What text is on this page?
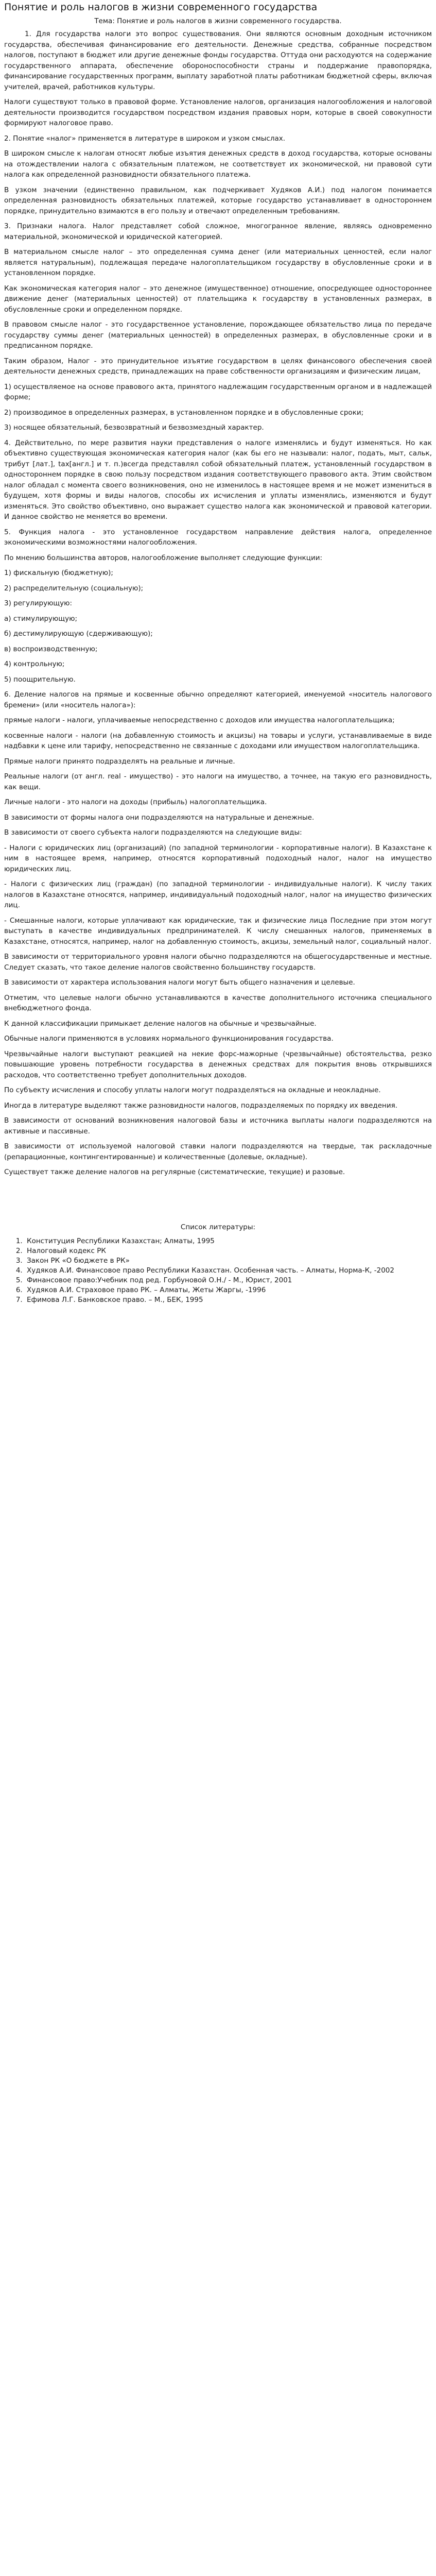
Понятие и роль налогов в жизни современного государства
Тема: Понятие и роль налогов в жизни современного государства.

1. Для государства налоги это вопрос существования. Они являются основным доходным источником государства, обеспечивая финансирование его деятельности. Денежные средства, собранные посредством налогов, поступают в бюджет или другие денежные фонды государства. Оттуда они расходуются на содержание государственного аппарата, обеспечение обороноспособности страны и поддержание правопорядка, финансирование государственных программ, выплату заработной платы работникам бюджетной сферы, включая учителей, врачей, работников культуры.

Налоги существуют только в правовой форме. Установление налогов, организация налогообложения и налоговой деятельности производится государством посредством издания правовых норм, которые в своей совокупности формируют налоговое право.

2. Понятие «налог» применяется в литературе в широком и узком смыслах.

В широком смысле к налогам относят любые изъятия денежных средств в доход государства, которые основаны на отождествлении налога с обязательным платежом, не соответствует их экономической, ни правовой сути налога как определенной разновидности обязательного платежа.

В узком значении (единственно правильном, как подчеркивает Худяков А.И.) под налогом понимается определенная разновидность обязательных платежей, которые государство устанавливает в одностороннем порядке, принудительно взимаются в его пользу и отвечают определенным требованиям.

3. Признаки налога. Налог представляет собой сложное, многогранное явление, являясь одновременно материальной, экономической и юридической категорией.

В материальном смысле налог – это определенная сумма денег (или материальных ценностей, если налог является натуральным), подлежащая передаче налогоплательщиком государству в обусловленные сроки и в установленном порядке.

Как экономическая категория налог – это денежное (имущественное) отношение, опосредующее одностороннее движение денег (материальных ценностей) от плательщика к государству в установленных размерах, в обусловленные сроки и определенном порядке.

В правовом смысле налог - это государственное установление, порождающее обязательство лица по передаче государству суммы денег (материальных ценностей) в определенных размерах, в обусловленные сроки и в предписанном порядке.

Таким образом, Налог - это принудительное изъятие государством в целях финансового обеспечения своей деятельности денежных средств, принадлежащих на праве собственности организациям и физическим лицам,

1) осуществляемое на основе правового акта, принятого надлежащим государственным органом и в надлежащей форме;

2) производимое в определенных размерах, в установленном порядке и в обусловленные сроки;

3) носящее обязательный, безвозвратный и безвозмездный характер.

4. Действительно, по мере развития науки представления о налоге изменялись и будут изменяться. Но как объективно существующая экономическая категория налог (как бы его не называли: налог, подать, мыт, сальк, трибут [лат.], tax[англ.] и т. п.)всегда представлял собой обязательный платеж, установленный государством в одностороннем порядке в свою пользу посредством издания соответствующего правового акта. Этим свойством налог обладал с момента своего возникновения, оно не изменилось в настоящее время и не может измениться в будущем, хотя формы и виды налогов, способы их исчисления и уплаты изменялись, изменяются и будут изменяться. Это свойство объективно, оно выражает существо налога как экономической и правовой категории. И данное свойство не меняется во времени.

5. Функция налога - это установленное государством направление действия налога, определенное экономическими возможностями налогообложения.

По мнению большинства авторов, налогообложение выполняет следующие функции:

1) фискальную (бюджетную);

2) распределительную (социальную);

3) регулирующую:

а) стимулирующую;

б) дестимулирующую (сдерживающую);

в) воспроизводственную;

4) контрольную;

5) поощрительную.

6. Деление налогов на прямые и косвенные обычно определяют категорией, именуемой «носитель налогового бремени» (или «носитель налога»):

прямые налоги - налоги, уплачиваемые непосредственно с доходов или имущества налогоплательщика;

косвенные налоги - налоги (на добавленную стоимость и акцизы) на товары и услуги, устанавливаемые в виде надбавки к цене или тарифу, непосредственно не связанные с доходами или имуществом налогоплательщика.

Прямые налоги принято подразделять на реальные и личные.

Реальные налоги (от англ. real - имущество) - это налоги на имущество, а точнее, на такую его разновидность, как вещи.

Личные налоги - это налоги на доходы (прибыль) налогоплательщика.

В зависимости от формы налога они подразделяются на натуральные и денежные.

В зависимости от своего субъекта налоги подразделяются на следующие виды:

- Налоги с юридических лиц (организаций) (по западной терминологии - корпоративные налоги). В Казахстане к ним в настоящее время, например, относятся корпоративный подоходный налог, налог на имущество юридических лиц.

- Налоги с физических лиц (граждан) (по западной терминологии - индивидуальные налоги). К числу таких налогов в Казахстане относятся, например, индивидуальный подоходный налог, налог на имущество физических лиц.

- Смешанные налоги, которые уплачивают как юридические, так и физические лица Последние при этом могут выступать в качестве индивидуальных предпринимателей. К числу смешанных налогов, применяемых в Казахстане, относятся, например, налог на добавленную стоимость, акцизы, земельный налог, социальный налог.

В зависимости от территориального уровня налоги обычно подразделяются на общегосударственные и местные. Следует сказать, что такое деление налогов свойственно большинству государств.

В зависимости от характера использования налоги могут быть общего назначения и целевые.

Отметим, что целевые налоги обычно устанавливаются в качестве дополнительного источника специального внебюджетного фонда.

К данной классификации примыкает деление налогов на обычные и чрезвычайные.

Обычные налоги применяются в условиях нормального функционирования государства.

Чрезвычайные налоги выступают реакцией на некие форс-мажорные (чрезвычайные) обстоятельства, резко повышающие уровень потребности государства в денежных средствах для покрытия вновь открывшихся расходов, что соответственно требует дополнительных доходов.

По субъекту исчисления и способу уплаты налоги могут подразделяться на окладные и неокладные.

Иногда в литературе выделяют также разновидности налогов, подразделяемых по порядку их введения.

В зависимости от оснований возникновения налоговой базы и источника выплаты налоги подразделяются на активные и пассивные.

В зависимости от используемой налоговой ставки налоги подразделяются на твердые, так раскладочные (репарационные, контингентированные) и количественные (долевые, окладные).

Существует также деление налогов на регулярные (систематические, текущие) и разовые.

Список литературы:
1. Конституция Республики Казахстан; Алматы, 1995
2. Налоговый кодекс РК
3. Закон РК «О бюджете в РК»
4. Худяков А.И. Финансовое право Республики Казахстан. Особенная часть. – Алматы, Норма-К, -2002
5. Финансовое право:Учебник под ред. Горбуновой О.Н./ - М., Юрист, 2001
6. Худяков А.И. Страховое право РК. – Алматы, Жеты Жаргы, -1996
7. Ефимова Л.Г. Банковское право. – М., БЕК, 1995
